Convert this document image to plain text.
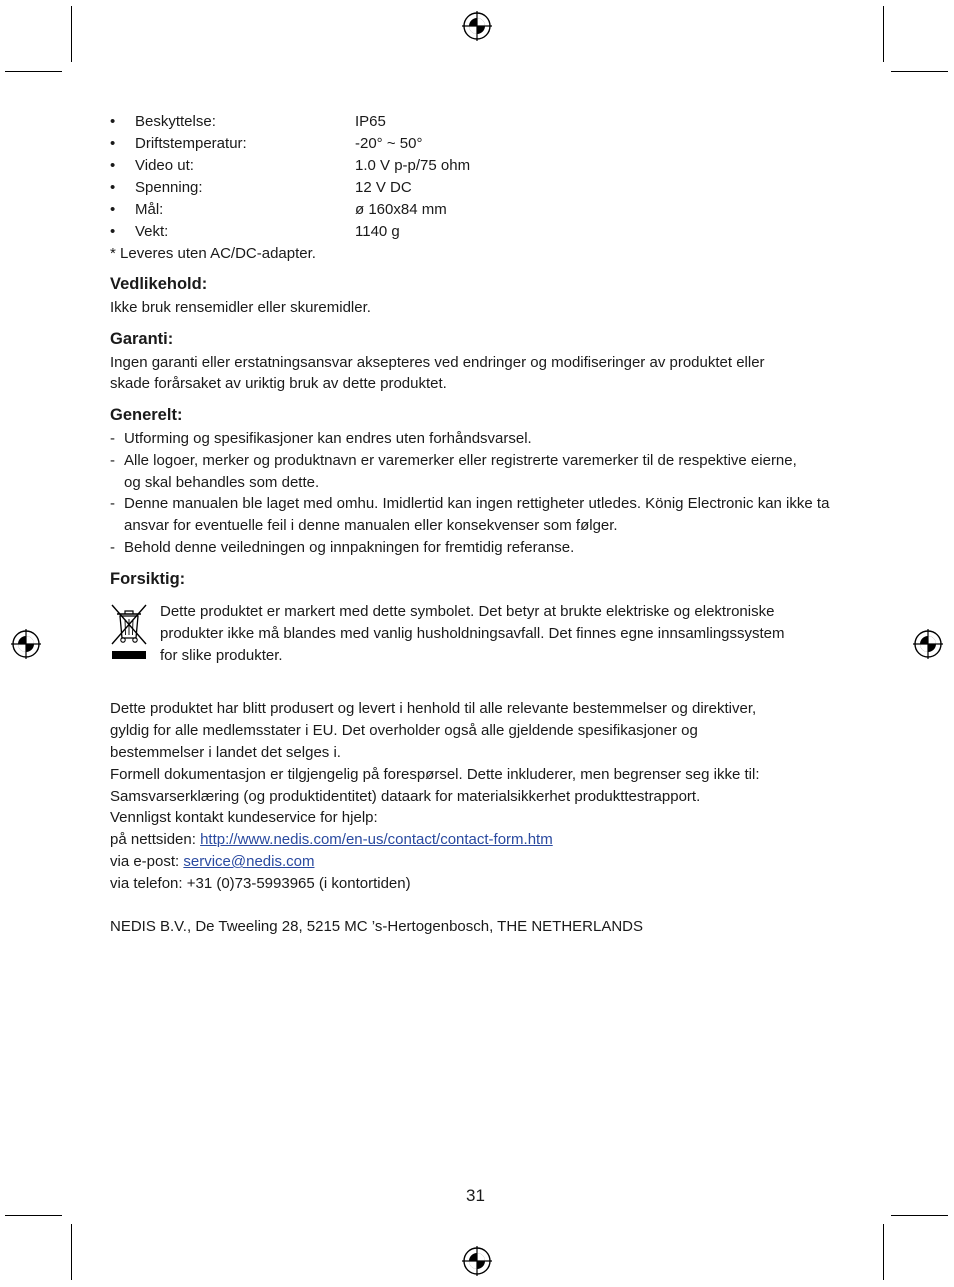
• Beskyttelse:	IP65
• Driftstemperatur:	-20° ~ 50°
• Video ut:	1.0 V p-p/75 ohm
• Spenning:	12 V DC
• Mål:	ø 160x84 mm
• Vekt:	1140 g
* Leveres uten AC/DC-adapter.
Vedlikehold:
Ikke bruk rensemidler eller skuremidler.
Garanti:
Ingen garanti eller erstatningsansvar aksepteres ved endringer og modifiseringer av produktet eller
skade forårsaket av uriktig bruk av dette produktet.
Generelt:
- Utforming og spesifikasjoner kan endres uten forhåndsvarsel.
- Alle logoer, merker og produktnavn er varemerker eller registrerte varemerker til de respektive eierne, og skal behandles som dette.
- Denne manualen ble laget med omhu. Imidlertid kan ingen rettigheter utledes. König Electronic kan ikke ta ansvar for eventuelle feil i denne manualen eller konsekvenser som følger.
- Behold denne veiledningen og innpakningen for fremtidig referanse.
Forsiktig:
Dette produktet er markert med dette symbolet. Det betyr at brukte elektriske og elektroniske
produkter ikke må blandes med vanlig husholdningsavfall. Det finnes egne innsamlingssystem
for slike produkter.
Dette produktet har blitt produsert og levert i henhold til alle relevante bestemmelser og direktiver,
gyldig for alle medlemsstater i EU. Det overholder også alle gjeldende spesifikasjoner og
bestemmelser i landet det selges i.
Formell dokumentasjon er tilgjengelig på forespørsel. Dette inkluderer, men begrenser seg ikke til:
Samsvarserklæring (og produktidentitet) dataark for materialsikkerhet produkttestrapport.
Vennligst kontakt kundeservice for hjelp:
på nettsiden: http://www.nedis.com/en-us/contact/contact-form.htm
via e-post: service@nedis.com
via telefon: +31 (0)73-5993965 (i kontortiden)
NEDIS B.V., De Tweeling 28, 5215 MC ’s-Hertogenbosch, THE NETHERLANDS
31
